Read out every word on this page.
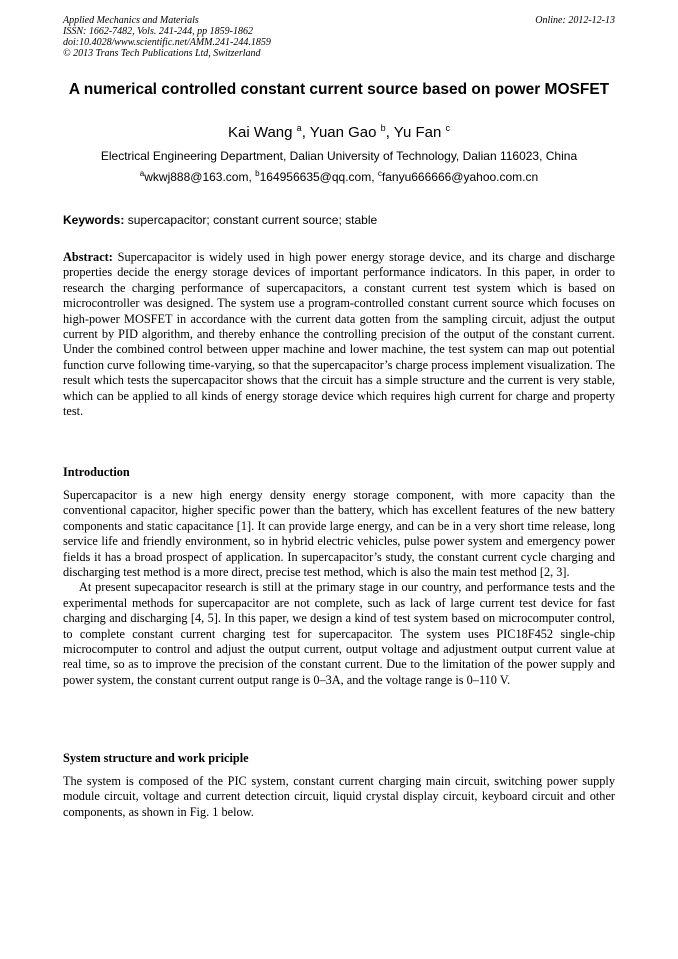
Applied Mechanics and Materials
ISSN: 1662-7482, Vols. 241-244, pp 1859-1862
doi:10.4028/www.scientific.net/AMM.241-244.1859
© 2013 Trans Tech Publications Ltd, Switzerland
Online: 2012-12-13
A numerical controlled constant current source based on power MOSFET
Kai Wang $^a$, Yuan Gao $^b$, Yu Fan $^c$
Electrical Engineering Department, Dalian University of Technology, Dalian 116023, China
$^a$wkwj888@163.com, $^b$164956635@qq.com, $^c$fanyu666666@yahoo.com.cn
Keywords: supercapacitor; constant current source; stable

Abstract: Supercapacitor is widely used in high power energy storage device, and its charge and discharge properties decide the energy storage devices of important performance indicators. In this paper, in order to research the charging performance of supercapacitors, a constant current test system which is based on microcontroller was designed. The system use a program-controlled constant current source which focuses on high-power MOSFET in accordance with the current data gotten from the sampling circuit, adjust the output current by PID algorithm, and thereby enhance the controlling precision of the output of the constant current. Under the combined control between upper machine and lower machine, the test system can map out potential function curve following time-varying, so that the supercapacitor’s charge process implement visualization. The result which tests the supercapacitor shows that the circuit has a simple structure and the current is very stable, which can be applied to all kinds of energy storage device which requires high current for charge and property test.

Introduction

Supercapacitor is a new high energy density energy storage component, with more capacity than the conventional capacitor, higher specific power than the battery, which has excellent features of the new battery components and static capacitance [1]. It can provide large energy, and can be in a very short time release, long service life and friendly environment, so in hybrid electric vehicles, pulse power system and emergency power fields it has a broad prospect of application. In supercapacitor’s study, the constant current cycle charging and discharging test method is a more direct, precise test method, which is also the main test method [2, 3].

At present supecapacitor research is still at the primary stage in our country, and performance tests and the experimental methods for supercapacitor are not complete, such as lack of large current test device for fast charging and discharging [4, 5]. In this paper, we design a kind of test system based on microcomputer control, to complete constant current charging test for supercapacitor. The system uses PIC18F452 single-chip microcomputer to control and adjust the output current, output voltage and adjustment output current value at real time, so as to improve the precision of the constant current. Due to the limitation of the power supply and power system, the constant current output range is 0–3A, and the voltage range is 0–110 V.

System structure and work priciple

The system is composed of the PIC system, constant current charging main circuit, switching power supply module circuit, voltage and current detection circuit, liquid crystal display circuit, keyboard circuit and other components, as shown in Fig. 1 below.
